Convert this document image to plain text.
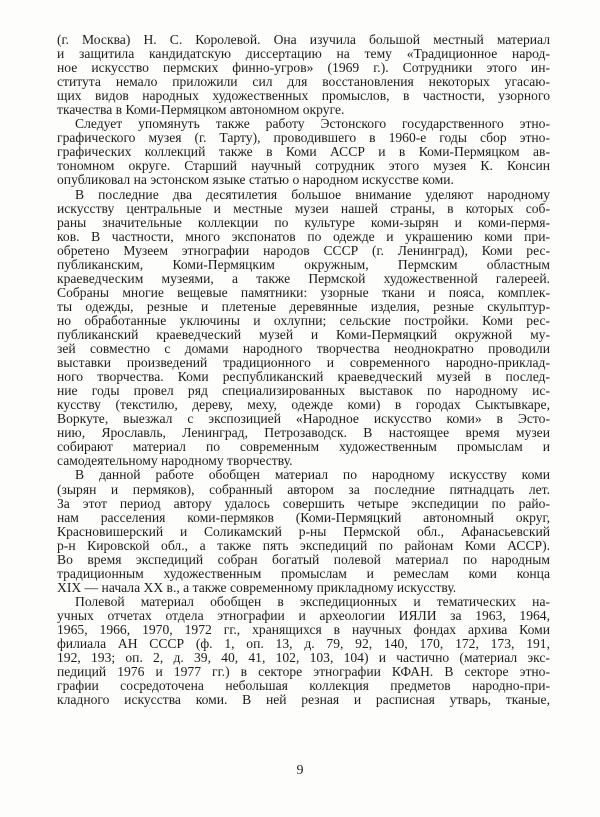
(г. Москва) Н. С. Королевой. Она изучила большой местный материал
и защитила кандидатскую диссертацию на тему «Традиционное народ-
ное искусство пермских финно-угров» (1969 г.). Сотрудники этого ин-
ститута немало приложили сил для восстановления некоторых угасаю-
щих видов народных художественных промыслов, в частности, узорного
ткачества в Коми-Пермяцком автономном округе.
Следует упомянуть также работу Эстонского государственного этно-
графического музея (г. Тарту), проводившего в 1960-е годы сбор этно-
графических коллекций также в Коми АССР и в Коми-Пермяцком ав-
тономном округе. Старший научный сотрудник этого музея К. Консин
опубликовал на эстонском языке статью о народном искусстве коми.
В последние два десятилетия большое внимание уделяют народному
искусству центральные и местные музеи нашей страны, в которых соб-
раны значительные коллекции по культуре коми-зырян и коми-пермя-
ков. В частности, много экспонатов по одежде и украшению коми при-
обретено Музеем этнографии народов СССР (г. Ленинград), Коми рес-
публиканским, Коми-Пермяцким окружным, Пермским областным
краеведческим музеями, а также Пермской художественной галереей.
Собраны многие вещевые памятники: узорные ткани и пояса, комплек-
ты одежды, резные и плетеные деревянные изделия, резные скульптур-
но обработанные уключины и охлупни; сельские постройки. Коми рес-
публиканский краеведческий музей и Коми-Пермяцкий окружной му-
зей совместно с домами народного творчества неоднократно проводили
выставки произведений традиционного и современного народно-приклад-
ного творчества. Коми республиканский краеведческий музей в послед-
ние годы провел ряд специализированных выставок по народному ис-
кусству (текстилю, дереву, меху, одежде коми) в городах Сыктывкаре,
Воркуте, выезжал с экспозицией «Народное искусство коми» в Эсто-
нию, Ярославль, Ленинград, Петрозаводск. В настоящее время музеи
собирают материал по современным художественным промыслам и
самодеятельному народному творчеству.
В данной работе обобщен материал по народному искусству коми
(зырян и пермяков), собранный автором за последние пятнадцать лет.
За этот период автору удалось совершить четыре экспедиции по райо-
нам расселения коми-пермяков (Коми-Пермяцкий автономный округ,
Красновишерский и Соликамский р-ны Пермской обл., Афанасьевский
р-н Кировской обл., а также пять экспедиций по районам Коми АССР).
Во время экспедиций собран богатый полевой материал по народным
традиционным художественным промыслам и ремеслам коми конца
XIX — начала XX в., а также современному прикладному искусству.
Полевой материал обобщен в экспедиционных и тематических на-
учных отчетах отдела этнографии и археологии ИЯЛИ за 1963, 1964,
1965, 1966, 1970, 1972 гг., хранящихся в научных фондах архива Коми
филиала АН СССР (ф. 1, оп. 13, д. 79, 92, 140, 170, 172, 173, 191,
192, 193; оп. 2, д. 39, 40, 41, 102, 103, 104) и частично (материал экс-
педиций 1976 и 1977 гг.) в секторе этнографии КФАН. В секторе этно-
графии сосредоточена небольшая коллекция предметов народно-при-
кладного искусства коми. В ней резная и расписная утварь, тканые,
9
